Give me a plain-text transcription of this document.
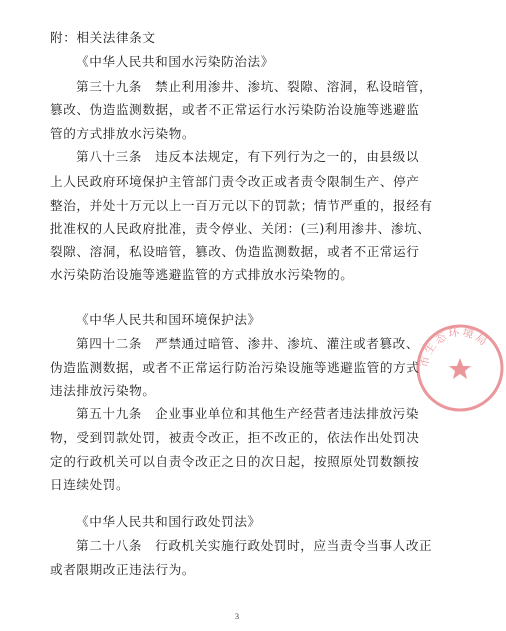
附：相关法律条文
《中华人民共和国水污染防治法》
第三十九条　禁止利用渗井、渗坑、裂隙、溶洞，私设暗管，
篡改、伪造监测数据，或者不正常运行水污染防治设施等逃避监
管的方式排放水污染物。
第八十三条　违反本法规定，有下列行为之一的，由县级以
上人民政府环境保护主管部门责令改正或者责令限制生产、停产
整治，并处十万元以上一百万元以下的罚款；情节严重的，报经有
批准权的人民政府批准，责令停业、关闭：(三)利用渗井、渗坑、
裂隙、溶洞，私设暗管，篡改、伪造监测数据，或者不正常运行
水污染防治设施等逃避监管的方式排放水污染物的。
《中华人民共和国环境保护法》
第四十二条　严禁通过暗管、渗井、渗坑、灌注或者篡改、
伪造监测数据，或者不正常运行防治污染设施等逃避监管的方式
违法排放污染物。
第五十九条　企业事业单位和其他生产经营者违法排放污染
物，受到罚款处罚，被责令改正，拒不改正的，依法作出处罚决
定的行政机关可以自责令改正之日的次日起，按照原处罚数额按
日连续处罚。
《中华人民共和国行政处罚法》
第二十八条　行政机关实施行政处罚时，应当责令当事人改正
或者限期改正违法行为。
3
市生态环境局
